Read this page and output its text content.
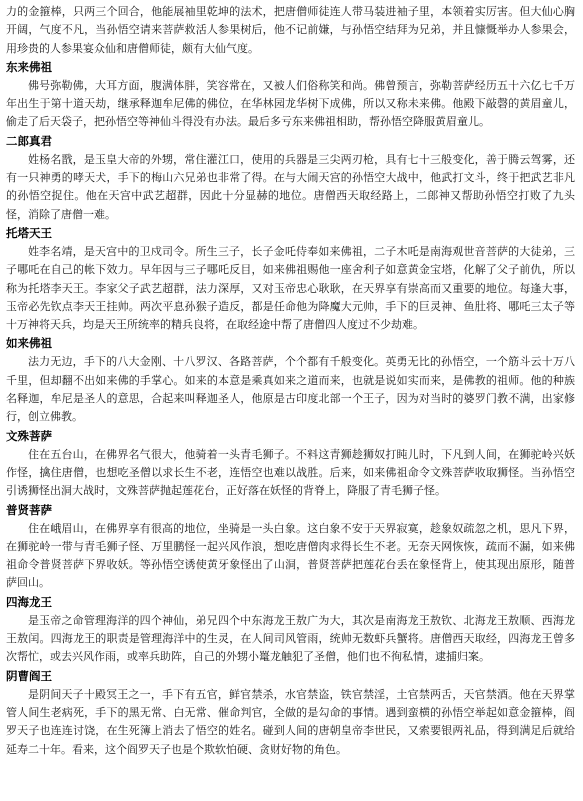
力的金箍棒，只两三个回合，他能展袖里乾坤的法术，把唐僧师徒连人带马装进袖子里，本领着实厉害。但大仙心胸开阔，气度不凡，当孙悟空请来菩萨救活人参果树后，他不记前嫌，与孙悟空结拜为兄弟，并且慷慨举办人参果会，用珍贵的人参果宴众仙和唐僧师徒，颇有大仙气度。

东来佛祖

佛号弥勒佛，大耳方面，腹满体胖，笑容常在，又被人们俗称笑和尚。佛曾预言，弥勒菩萨经历五十六亿七千万年出生于第十道天劫，继承释迦牟尼佛的佛位，在华林园龙华树下成佛，所以又称未来佛。他殿下敲磬的黄眉童儿，偷走了后天袋子，把孙悟空等神仙斗得没有办法。最后多亏东来佛祖相助，帮孙悟空降服黄眉童儿。

二郎真君

姓杨名戬，是玉皇大帝的外甥，常住灌江口，使用的兵器是三尖两刃枪，具有七十三般变化，善于腾云驾雾，还有一只神勇的哮天犬，手下的梅山六兄弟也非常了得。在与大闹天宫的孙悟空大战中，他武打文斗，终于把武艺非凡的孙悟空捉住。他在天宫中武艺超群，因此十分显赫的地位。唐僧西天取经路上，二郎神又帮助孙悟空打败了九头怪，消除了唐僧一难。

托塔天王

姓李名靖，是天宫中的卫戍司令。所生三子，长子金吒侍奉如来佛祖，二子木吒是南海观世音菩萨的大徒弟，三子哪吒在自己的帐下效力。早年因与三子哪吒反目，如来佛祖赐他一座舍利子如意黄金宝塔，化解了父子前仇，所以称为托塔李天王。李家父子武艺超群，法力深厚，又对玉帝忠心耿耿，在天界享有崇高而又重要的地位。每逢大事，玉帝必先钦点李天王挂帅。两次平息孙猴子造反，都是任命他为降魔大元帅，手下的巨灵神、鱼肚将、哪吒三太子等十万神将天兵，均是天王所统率的精兵良将，在取经途中帮了唐僧四人度过不少劫难。

如来佛祖

法力无边，手下的八大金刚、十八罗汉、各路菩萨，个个都有千般变化。英勇无比的孙悟空，一个筋斗云十万八千里，但却翻不出如来佛的手掌心。如来的本意是乘真如来之道而来，也就是说如实而来，是佛教的祖师。他的种族名释迦，牟尼是圣人的意思，合起来叫释迦圣人，他原是古印度北部一个王子，因为对当时的婆罗门教不满，出家修行，创立佛教。

文殊菩萨

住在五台山，在佛界名气很大，他骑着一头青毛狮子。不料这青狮趁狮奴打盹儿时，下凡到人间，在狮驼岭兴妖作怪，擒住唐僧，也想吃圣僧以求长生不老，连悟空也难以战胜。后来，如来佛祖命令文殊菩萨收取狮怪。当孙悟空引诱狮怪出洞大战时，文殊菩萨抛起莲花台，正好落在妖怪的背脊上，降服了青毛狮子怪。

普贤菩萨

住在峨眉山，在佛界享有很高的地位，坐骑是一头白象。这白象不安于天界寂寞，趁象奴疏忽之机，思凡下界，在狮驼岭一带与青毛狮子怪、万里鹏怪一起兴风作浪，想吃唐僧肉求得长生不老。无奈天网恢恢，疏而不漏，如来佛祖命令普贤菩萨下界收妖。等孙悟空诱使黄牙象怪出了山洞，普贤菩萨把莲花台丢在象怪背上，使其现出原形，随普萨回山。

四海龙王

是玉帝之命管理海洋的四个神仙，弟兄四个中东海龙王敖广为大，其次是南海龙王敖钦、北海龙王敖顺、西海龙王敖闰。四海龙王的职责是管理海洋中的生灵，在人间司风管雨，统帅无数虾兵蟹将。唐僧西天取经，四海龙王曾多次帮忙，或去兴风作雨，或率兵助阵，自己的外甥小鼍龙触犯了圣僧，他们也不徇私情，逮捕归案。

阴曹阎王

是阴间天子十殿冥王之一，手下有五官，鲜官禁杀，水官禁盗，铁官禁淫，土官禁两舌，天官禁酒。他在天界掌管人间生老病死，手下的黑无常、白无常、催命判官，全做的是勾命的事情。遇到蛮横的孙悟空举起如意金箍棒，阎罗天子也连连讨饶，在生死簿上消去了悟空的姓名。碰到人间的唐朝皇帝李世民，又索要银两礼品，得到满足后就给延寿二十年。看来，这个阎罗天子也是个欺软怕硬、贪财好物的角色。
